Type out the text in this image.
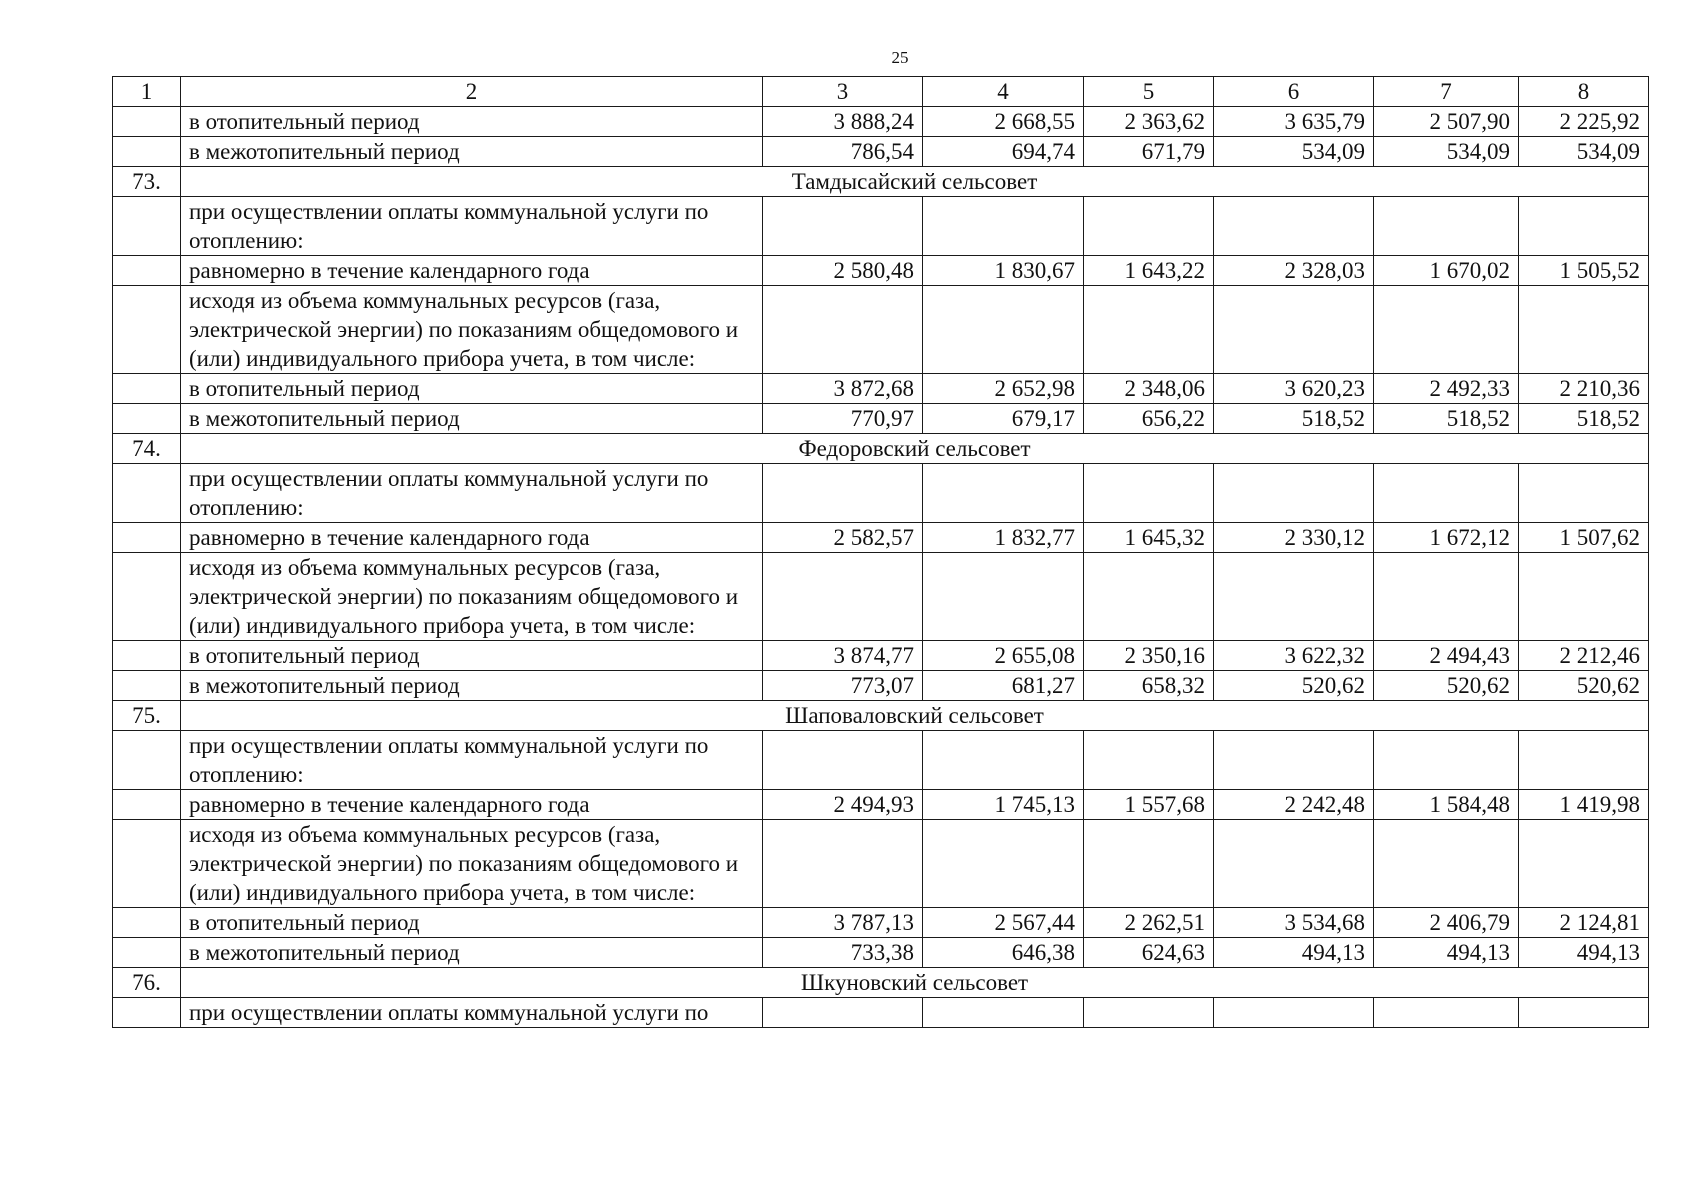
25
1	2	3	4	5	6	7	8
	в отопительный период	3 888,24	2 668,55	2 363,62	3 635,79	2 507,90	2 225,92
	в межотопительный период	786,54	694,74	671,79	534,09	534,09	534,09
73.	Тамдысайский сельсовет						
	при осуществлении оплаты коммунальной услуги по отоплению:						
	равномерно в течение календарного года	2 580,48	1 830,67	1 643,22	2 328,03	1 670,02	1 505,52
	исходя из объема коммунальных ресурсов (газа, электрической энергии) по показаниям общедомового и (или) индивидуального прибора учета, в том числе:						
	в отопительный период	3 872,68	2 652,98	2 348,06	3 620,23	2 492,33	2 210,36
	в межотопительный период	770,97	679,17	656,22	518,52	518,52	518,52
74.	Федоровский сельсовет						
	при осуществлении оплаты коммунальной услуги по отоплению:						
	равномерно в течение календарного года	2 582,57	1 832,77	1 645,32	2 330,12	1 672,12	1 507,62
	исходя из объема коммунальных ресурсов (газа, электрической энергии) по показаниям общедомового и (или) индивидуального прибора учета, в том числе:						
	в отопительный период	3 874,77	2 655,08	2 350,16	3 622,32	2 494,43	2 212,46
	в межотопительный период	773,07	681,27	658,32	520,62	520,62	520,62
75.	Шаповаловский сельсовет						
	при осуществлении оплаты коммунальной услуги по отоплению:						
	равномерно в течение календарного года	2 494,93	1 745,13	1 557,68	2 242,48	1 584,48	1 419,98
	исходя из объема коммунальных ресурсов (газа, электрической энергии) по показаниям общедомового и (или) индивидуального прибора учета, в том числе:						
	в отопительный период	3 787,13	2 567,44	2 262,51	3 534,68	2 406,79	2 124,81
	в межотопительный период	733,38	646,38	624,63	494,13	494,13	494,13
76.	Шкуновский сельсовет						
	при осуществлении оплаты коммунальной услуги по						
